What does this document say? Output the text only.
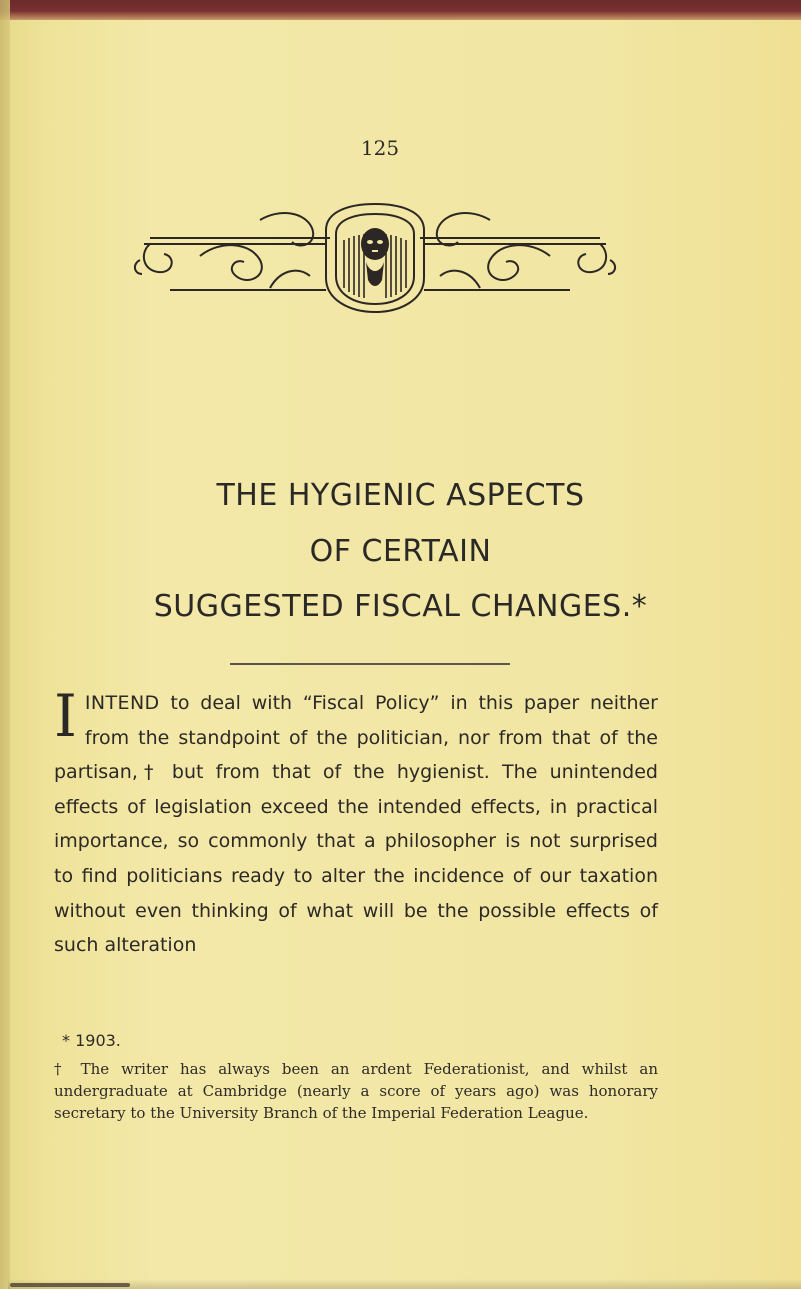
125
THE HYGIENIC ASPECTS
OF CERTAIN
SUGGESTED FISCAL CHANGES.*
IINTEND to deal with “Fiscal Policy” in this paper neither from the standpoint of the politician, nor from that of the partisan,† but from that of the hygienist. The unintended effects of legislation exceed the intended effects, in practical importance, so commonly that a philosopher is not surprised to find politicians ready to alter the incidence of our taxation without even thinking of what will be the possible effects of such alteration
* 1903.
† The writer has always been an ardent Federationist, and whilst an undergraduate at Cambridge (nearly a score of years ago) was honorary secretary to the University Branch of the Imperial Federation League.
